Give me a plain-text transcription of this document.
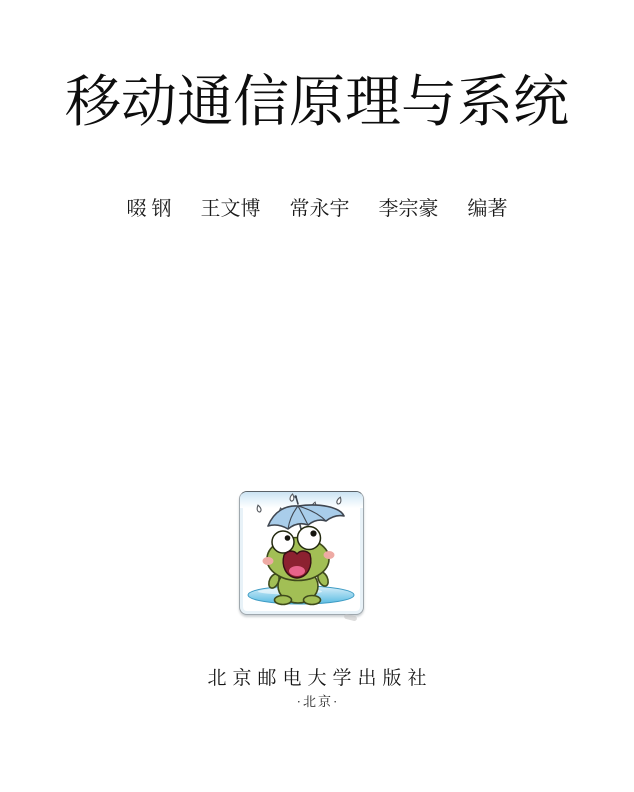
移动通信原理与系统
啜 钢 王文博 常永宇 李宗豪 编著
北京邮电大学出版社
·北京·
